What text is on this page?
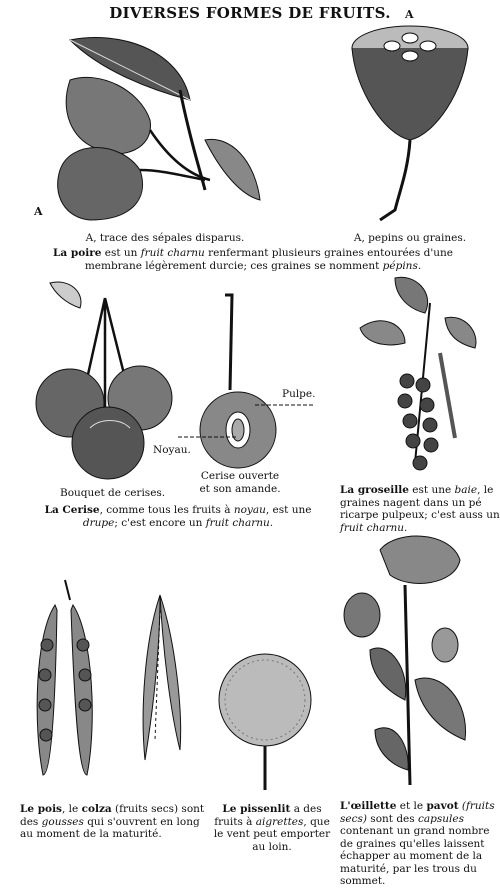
DIVERSES FORMES DE FRUITS.
A
A
A, trace des sépales disparus.	A, pepins ou graines.
La poire est un fruit charnu renfermant plusieurs graines entourées d'une membrane légèrement durcie; ces graines se nomment pépins.
Pulpe.
Noyau.
Cerise ouverte et son amande.
Bouquet de cerises.
La Cerise, comme tous les fruits à noyau, est une drupe; c'est encore un fruit charnu.
La groseille est une baie, le graines nagent dans un pé ricarpe pulpeux; c'est auss un fruit charnu.
Le pois, le colza (fruits secs) sont des gousses qui s'ouvrent en long au moment de la maturité.
Le pissenlit a des fruits à aigrettes, que le vent peut emporter au loin.
L'œillette et le pavot (fruits secs) sont des capsules contenant un grand nombre de graines qu'elles laissent échapper au moment de la maturité, par les trous du sommet.
